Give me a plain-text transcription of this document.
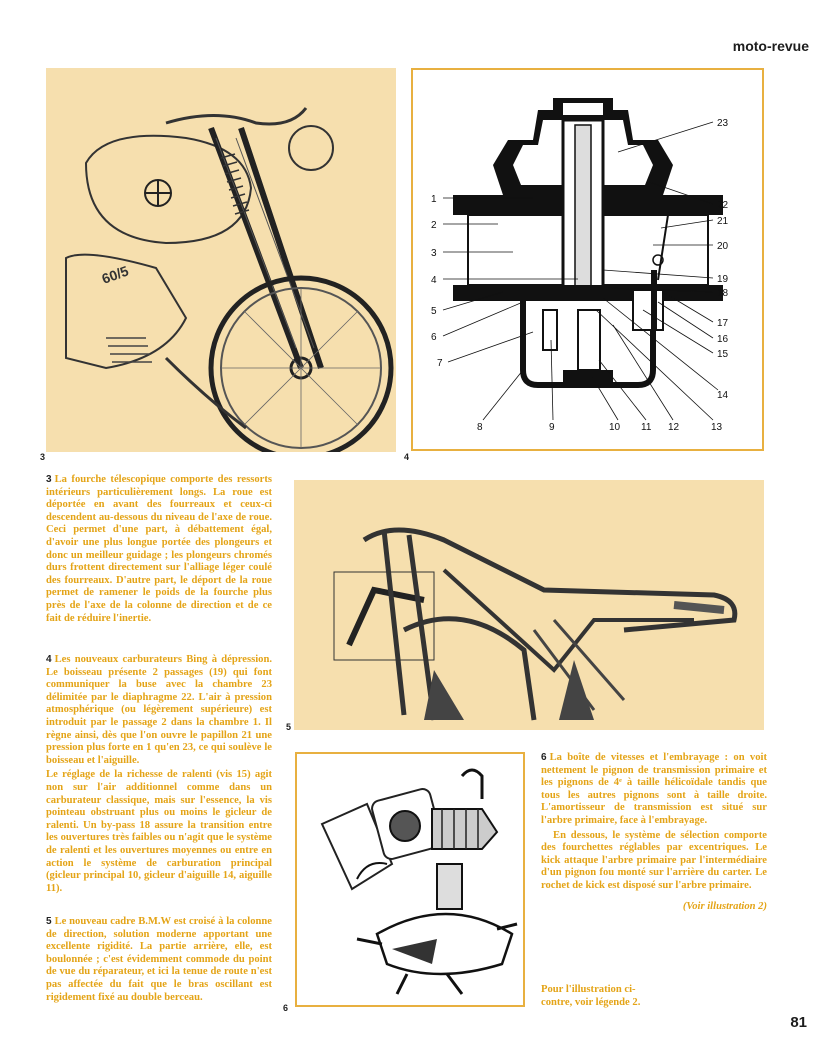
moto-revue
81
60/5
3
1
2
3
4
5
6
7
8	9	10 11 12	13
14
15
16
17
18
19
20
21
22
23
4

3 La fourche télescopique comporte des ressorts intérieurs particulièrement longs. La roue est déportée en avant des fourreaux et ceux-ci descendent au-dessous du niveau de l'axe de roue. Ceci permet d'une part, à débattement égal, d'avoir une plus longue portée des plongeurs et donc un meilleur guidage ; les plongeurs chromés durs frottent directement sur l'alliage léger coulé des fourreaux. D'autre part, le déport de la roue permet de ramener le poids de la fourche plus près de l'axe de la colonne de direction et de ce fait de réduire l'inertie.

5

4 Les nouveaux carburateurs Bing à dépression. Le boisseau présente 2 passages (19) qui font communiquer la buse avec la chambre 23 délimitée par le diaphragme 22. L'air à pression atmosphérique (ou légèrement supérieure) est introduit par le passage 2 dans la chambre 1. Il règne ainsi, dès que l'on ouvre le papillon 21 une pression plus forte en 1 qu'en 23, ce qui soulève le boisseau et l'aiguille.

Le réglage de la richesse de ralenti (vis 15) agit non sur l'air additionnel comme dans un carburateur classique, mais sur l'essence, la vis pointeau obstruant plus ou moins le gicleur de ralenti. Un by-pass 18 assure la transition entre les ouvertures très faibles ou n'agit que le système de ralenti et les ouvertures moyennes ou entre en action le système de carburation principal (gicleur principal 10, gicleur d'aiguille 14, aiguille 11).

5 Le nouveau cadre B.M.W est croisé à la colonne de direction, solution moderne apportant une excellente rigidité. La partie arrière, elle, est boulonnée ; c'est évidemment commode du point de vue du réparateur, et ici la tenue de route n'est pas affectée du fait que le bras oscillant est rigidement fixé au double berceau.

6

6 La boîte de vitesses et l'embrayage : on voit nettement le pignon de transmission primaire et les pignons de 4ᵉ à taille hélicoïdale tandis que tous les autres pignons sont à taille droite. L'amortisseur de transmission est situé sur l'arbre primaire, face à l'embrayage.

En dessous, le système de sélection comporte des fourchettes réglables par excentriques. Le kick attaque l'arbre primaire par l'intermédiaire d'un pignon fou monté sur l'arrière du carter. Le rochet de kick est disposé sur l'arbre primaire.

(Voir illustration 2)

Pour l'illustration ci-contre, voir légende 2.
